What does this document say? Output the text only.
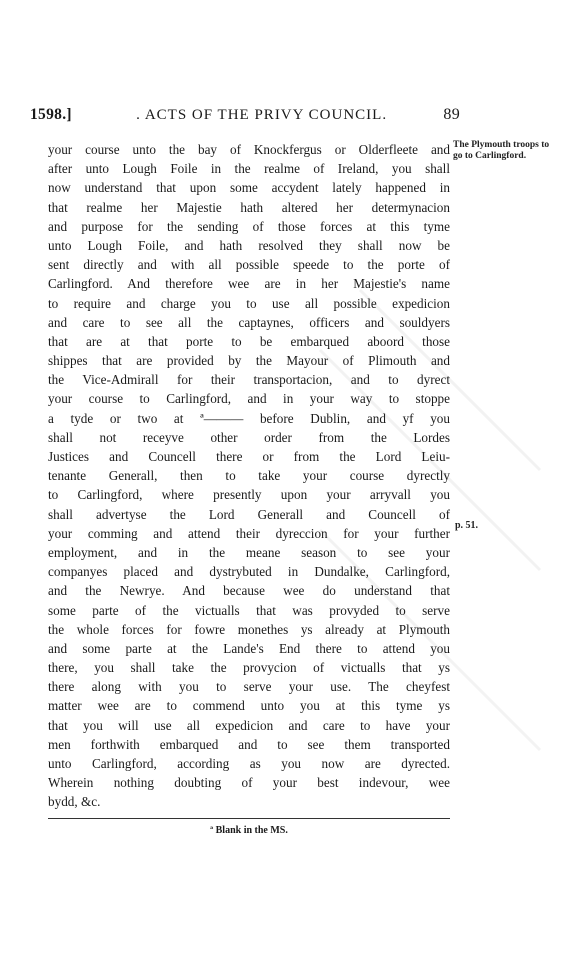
1598.]	. ACTS OF THE PRIVY COUNCIL.	89
The Plymouth troops to go to Carlingford.
p. 51.
your course unto the bay of Knockfergus or Olderfleete and
after unto Lough Foile in the realme of Ireland, you shall
now understand that upon some accydent lately happened in
that realme her Majestie hath altered her determynacion
and purpose for the sending of those forces at this tyme
unto Lough Foile, and hath resolved they shall now be
sent directly and with all possible speede to the porte of
Carlingford. And therefore wee are in her Majestie's name
to require and charge you to use all possible expedicion
and care to see all the captaynes, officers and souldyers
that are at that porte to be embarqued aboord those
shippes that are provided by the Mayour of Plimouth and
the Vice-Admirall for their transportacion, and to dyrect
your course to Carlingford, and in your way to stoppe
a tyde or two at ª——— before Dublin, and yf you
shall not receyve other order from the Lordes
Justices and Councell there or from the Lord Leiu-
tenante Generall, then to take your course dyrectly
to Carlingford, where presently upon your arryvall you
shall advertyse the Lord Generall and Councell of
your comming and attend their dyreccion for your further
employment, and in the meane season to see your
companyes placed and dystrybuted in Dundalke, Carlingford,
and the Newrye. And because wee do understand that
some parte of the victualls that was provyded to serve
the whole forces for fowre monethes ys already at Plymouth
and some parte at the Lande's End there to attend you
there, you shall take the provycion of victualls that ys
there along with you to serve your use. The cheyfest
matter wee are to commend unto you at this tyme ys
that you will use all expedicion and care to have your
men forthwith embarqued and to see them transported
unto Carlingford, according as you now are dyrected.
Wherein nothing doubting of your best indevour, wee
bydd, &c.
ª Blank in the MS.
